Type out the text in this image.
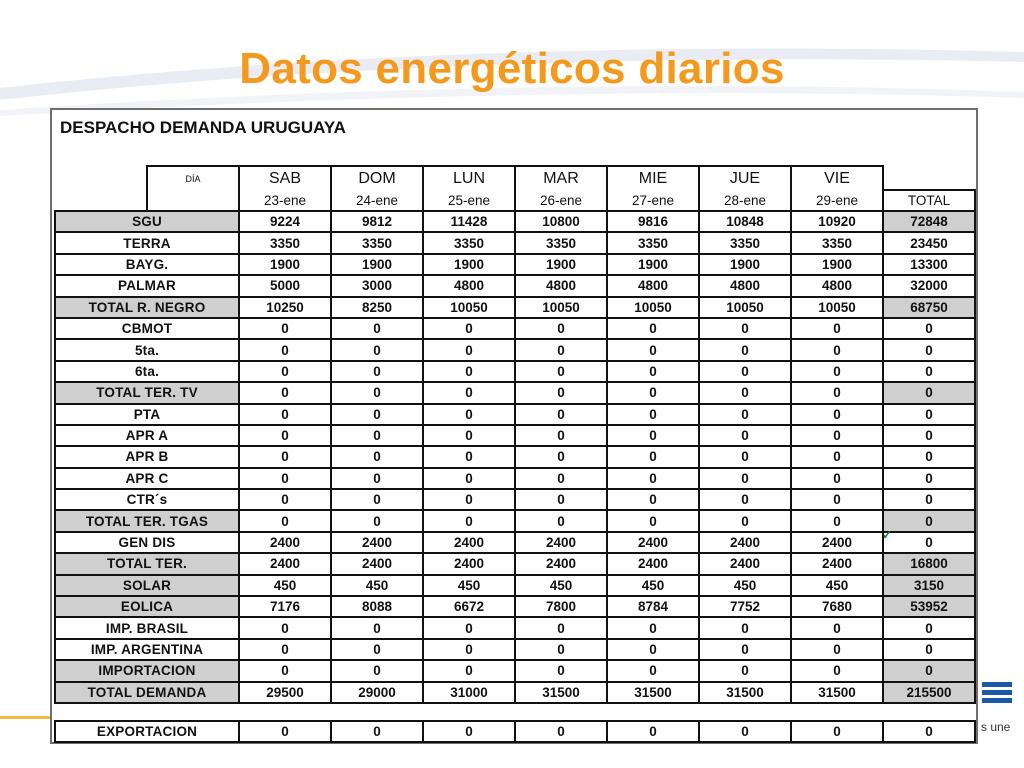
Datos energéticos diarios
DESPACHO DEMANDA URUGUAYA
	DÍA	SAB	DOM	LUN	MAR	MIE	JUE	VIE	
		23-ene	24-ene	25-ene	26-ene	27-ene	28-ene	29-ene	TOTAL
SGU		9224	9812	11428	10800	9816	10848	10920	72848
TERRA		3350	3350	3350	3350	3350	3350	3350	23450
BAYG.		1900	1900	1900	1900	1900	1900	1900	13300
PALMAR		5000	3000	4800	4800	4800	4800	4800	32000
TOTAL R. NEGRO		10250	8250	10050	10050	10050	10050	10050	68750
CBMOT		0	0	0	0	0	0	0	0
5ta.		0	0	0	0	0	0	0	0
6ta.		0	0	0	0	0	0	0	0
TOTAL TER. TV		0	0	0	0	0	0	0	0
PTA		0	0	0	0	0	0	0	0
APR A		0	0	0	0	0	0	0	0
APR B		0	0	0	0	0	0	0	0
APR C		0	0	0	0	0	0	0	0
CTR´s		0	0	0	0	0	0	0	0
TOTAL TER. TGAS		0	0	0	0	0	0	0	0
GEN DIS		2400	2400	2400	2400	2400	2400	2400	0
TOTAL TER.		2400	2400	2400	2400	2400	2400	2400	16800
SOLAR		450	450	450	450	450	450	450	3150
EOLICA		7176	8088	6672	7800	8784	7752	7680	53952
IMP. BRASIL		0	0	0	0	0	0	0	0
IMP. ARGENTINA		0	0	0	0	0	0	0	0
IMPORTACION		0	0	0	0	0	0	0	0
TOTAL DEMANDA		29500	29000	31000	31500	31500	31500	31500	215500

EXPORTACION		0	0	0	0	0	0	0	0
✓
s une
